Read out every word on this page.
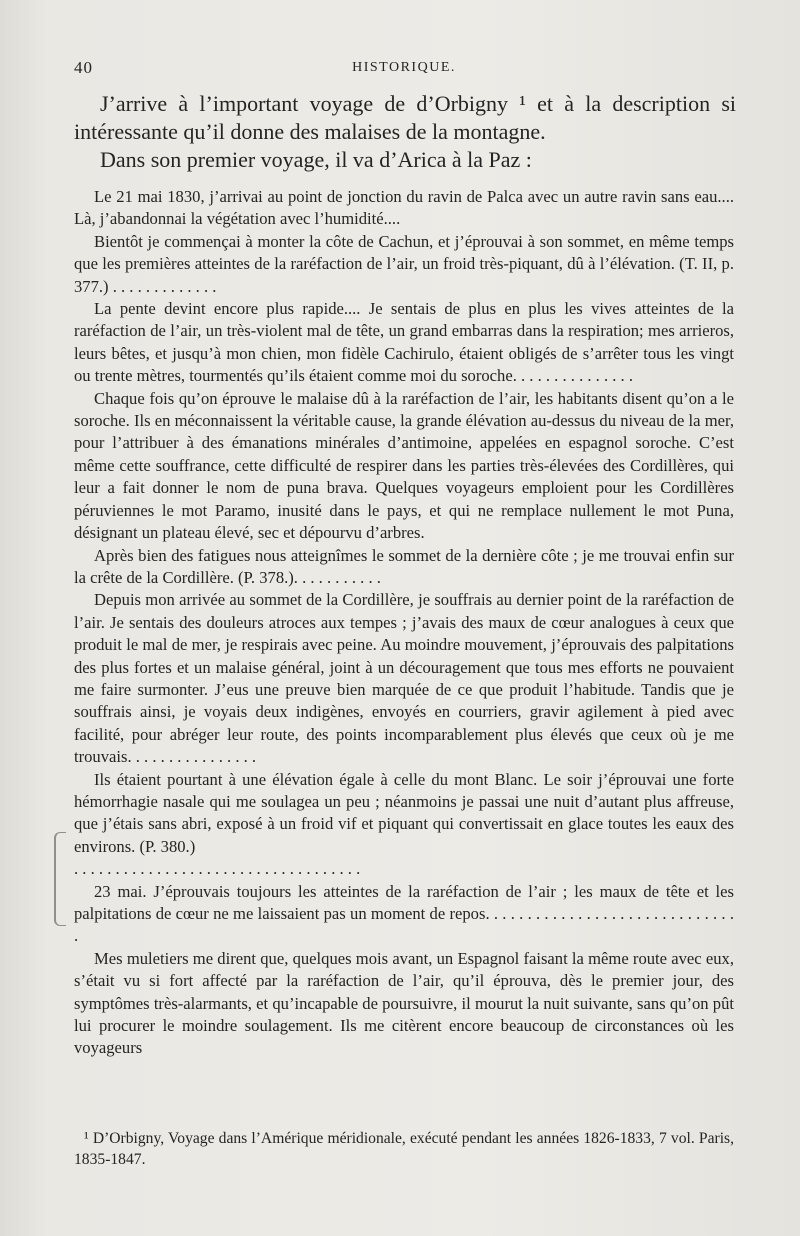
40	HISTORIQUE.

J’arrive à l’important voyage de d’Orbigny ¹ et à la description si intéressante qu’il donne des malaises de la montagne.

Dans son premier voyage, il va d’Arica à la Paz :

Le 21 mai 1830, j’arrivai au point de jonction du ravin de Palca avec un autre ravin sans eau.... Là, j’abandonnai la végétation avec l’humidité....

Bientôt je commençai à monter la côte de Cachun, et j’éprouvai à son sommet, en même temps que les premières atteintes de la raréfaction de l’air, un froid très-piquant, dû à l’élévation. (T. II, p. 377.) . . . . . . . . . . . . .

La pente devint encore plus rapide.... Je sentais de plus en plus les vives atteintes de la raréfaction de l’air, un très-violent mal de tête, un grand embarras dans la respiration; mes arrieros, leurs bêtes, et jusqu’à mon chien, mon fidèle Cachirulo, étaient obligés de s’arrêter tous les vingt ou trente mètres, tourmentés qu’ils étaient comme moi du soroche. . . . . . . . . . . . . . .

Chaque fois qu’on éprouve le malaise dû à la raréfaction de l’air, les habitants disent qu’on a le soroche. Ils en méconnaissent la véritable cause, la grande élévation au-dessus du niveau de la mer, pour l’attribuer à des émanations minérales d’antimoine, appelées en espagnol soroche. C’est même cette souffrance, cette difficulté de respirer dans les parties très-élevées des Cordillères, qui leur a fait donner le nom de puna brava. Quelques voyageurs emploient pour les Cordillères péruviennes le mot Paramo, inusité dans le pays, et qui ne remplace nullement le mot Puna, désignant un plateau élevé, sec et dépourvu d’arbres.

Après bien des fatigues nous atteignîmes le sommet de la dernière côte ; je me trouvai enfin sur la crête de la Cordillère. (P. 378.). . . . . . . . . . .

Depuis mon arrivée au sommet de la Cordillère, je souffrais au dernier point de la raréfaction de l’air. Je sentais des douleurs atroces aux tempes ; j’avais des maux de cœur analogues à ceux que produit le mal de mer, je respirais avec peine. Au moindre mouvement, j’éprouvais des palpitations des plus fortes et un malaise général, joint à un découragement que tous mes efforts ne pouvaient me faire surmonter. J’eus une preuve bien marquée de ce que produit l’habitude. Tandis que je souffrais ainsi, je voyais deux indigènes, envoyés en courriers, gravir agilement à pied avec facilité, pour abréger leur route, des points incomparablement plus élevés que ceux où je me trouvais. . . . . . . . . . . . . . . .

Ils étaient pourtant à une élévation égale à celle du mont Blanc. Le soir j’éprouvai une forte hémorrhagie nasale qui me soulagea un peu ; néanmoins je passai une nuit d’autant plus affreuse, que j’étais sans abri, exposé à un froid vif et piquant qui convertissait en glace toutes les eaux des environs. (P. 380.)

. . . . . . . . . . . . . . . . . . . . . . . . . . . . . . . . . . .

23 mai. J’éprouvais toujours les atteintes de la raréfaction de l’air ; les maux de tête et les palpitations de cœur ne me laissaient pas un moment de repos. . . . . . . . . . . . . . . . . . . . . . . . . . . . . . .

Mes muletiers me dirent que, quelques mois avant, un Espagnol faisant la même route avec eux, s’était vu si fort affecté par la raréfaction de l’air, qu’il éprouva, dès le premier jour, des symptômes très-alarmants, et qu’incapable de poursuivre, il mourut la nuit suivante, sans qu’on pût lui procurer le moindre soulagement. Ils me citèrent encore beaucoup de circonstances où les voyageurs

¹ D’Orbigny, Voyage dans l’Amérique méridionale, exécuté pendant les années 1826-1833, 7 vol. Paris, 1835-1847.
